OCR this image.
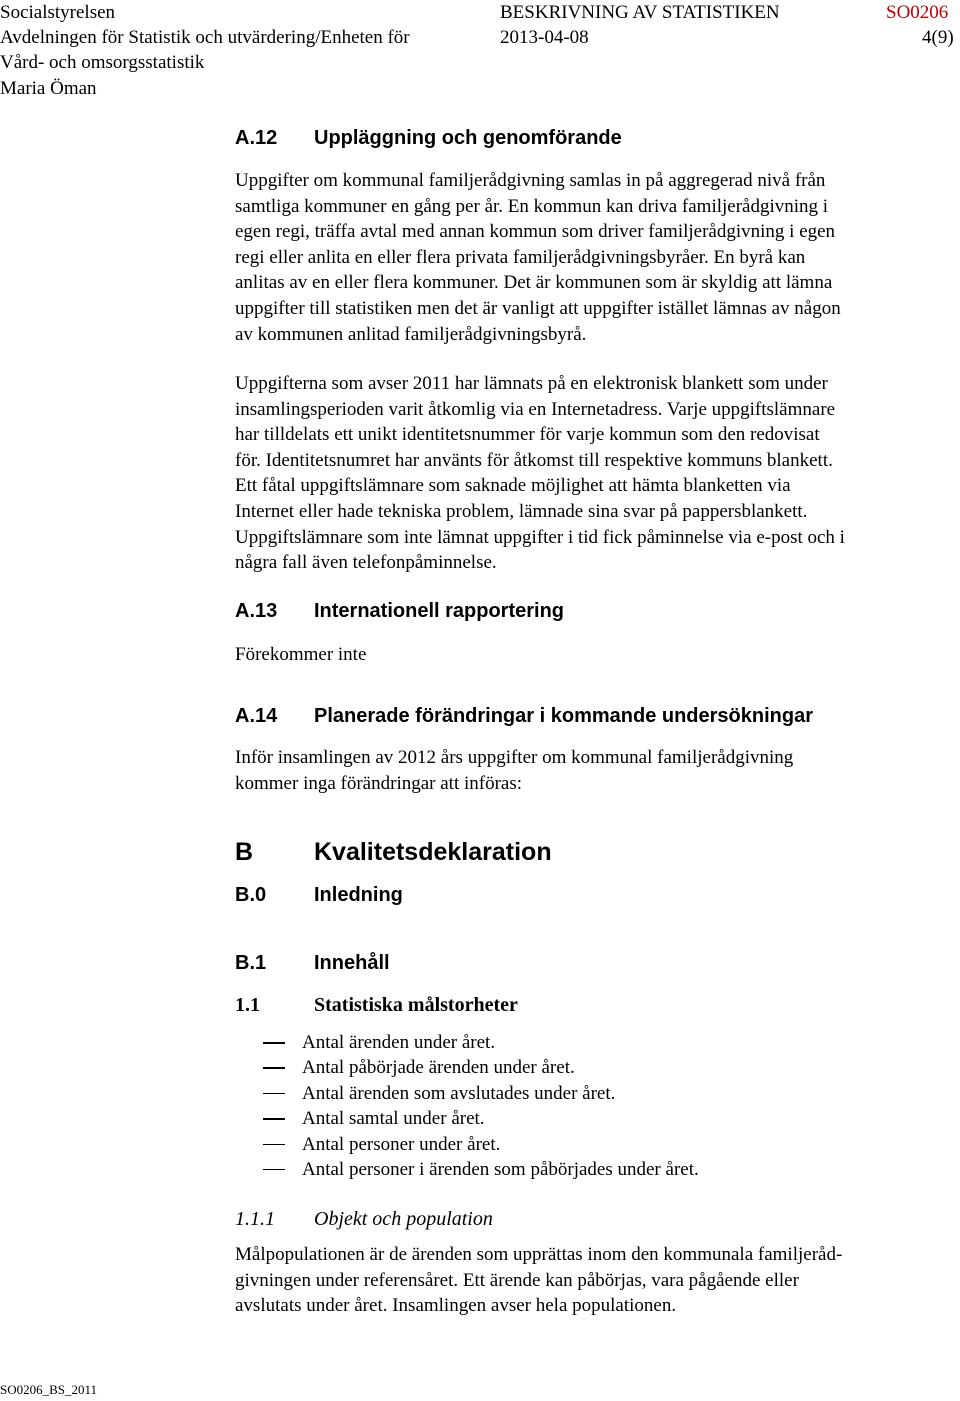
Socialstyrelsen
Avdelningen för Statistik och utvärdering/Enheten för
Vård- och omsorgsstatistik
Maria Öman
BESKRIVNING AV STATISTIKEN	SO0206
2013-04-08	4(9)
A.12 Uppläggning och genomförande

Uppgifter om kommunal familjerådgivning samlas in på aggregerad nivå från
samtliga kommuner en gång per år. En kommun kan driva familjerådgivning i
egen regi, träffa avtal med annan kommun som driver familjerådgivning i egen
regi eller anlita en eller flera privata familjerådgivningsbyråer. En byrå kan
anlitas av en eller flera kommuner. Det är kommunen som är skyldig att lämna
uppgifter till statistiken men det är vanligt att uppgifter istället lämnas av någon
av kommunen anlitad familjerådgivningsbyrå.

Uppgifterna som avser 2011 har lämnats på en elektronisk blankett som under
insamlingsperioden varit åtkomlig via en Internetadress. Varje uppgiftslämnare
har tilldelats ett unikt identitetsnummer för varje kommun som den redovisat
för. Identitetsnumret har använts för åtkomst till respektive kommuns blankett.
Ett fåtal uppgiftslämnare som saknade möjlighet att hämta blanketten via
Internet eller hade tekniska problem, lämnade sina svar på pappersblankett.
Uppgiftslämnare som inte lämnat uppgifter i tid fick påminnelse via e-post och i
några fall även telefonpåminnelse.

A.13 Internationell rapportering

Förekommer inte

A.14 Planerade förändringar i kommande undersökningar

Inför insamlingen av 2012 års uppgifter om kommunal familjerådgivning
kommer inga förändringar att införas:

B Kvalitetsdeklaration
B.0 Inledning
B.1 Innehåll
1.1	Statistiska målstorheter
Antal ärenden under året.
Antal påbörjade ärenden under året.
Antal ärenden som avslutades under året.
Antal samtal under året.
Antal personer under året.
Antal personer i ärenden som påbörjades under året.
1.1.1 Objekt och population

Målpopulationen är de ärenden som upprättas inom den kommunala familjeråd-
givningen under referensåret. Ett ärende kan påbörjas, vara pågående eller
avslutats under året. Insamlingen avser hela populationen.

SO0206_BS_2011
